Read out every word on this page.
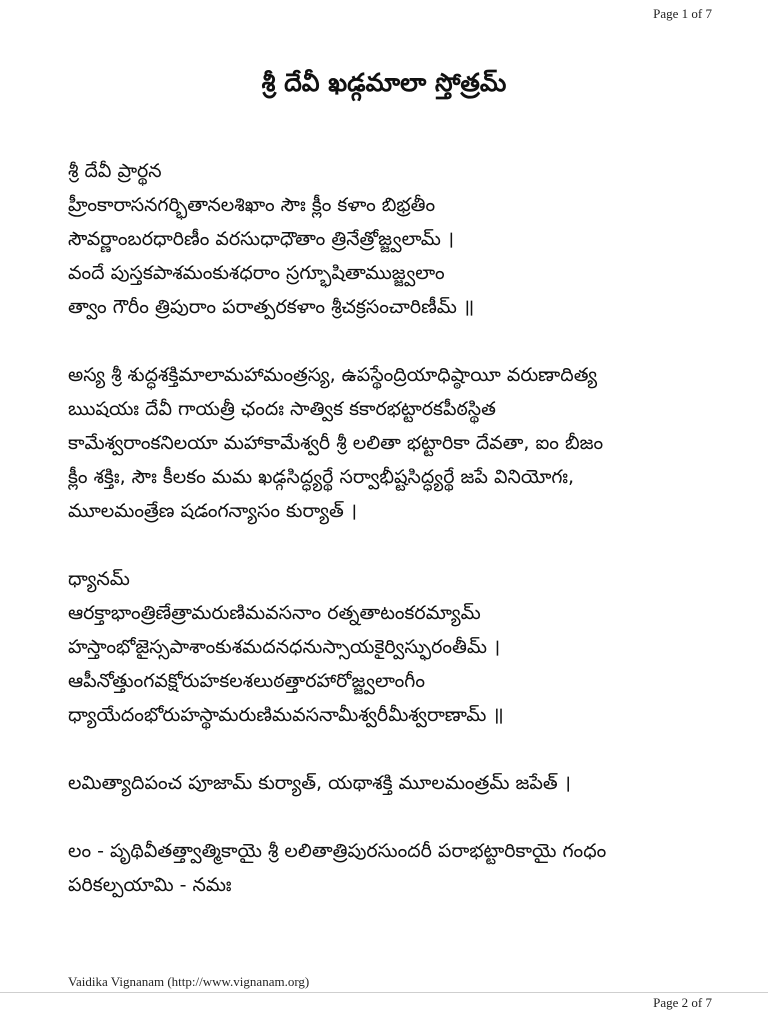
Page 1 of 7
శ్రీ దేవీ ఖడ్గమాలా స్తోత్రమ్
శ్రీ దేవీ ప్రార్థన
హ్రీంకారాసనగర్భితానలశిఖాం సౌః క్లీం కళాం బిభ్రతీం
సౌవర్ణాంబరధారిణీం వరసుధాధౌతాం త్రినేత్రోజ్జ్వలామ్ ।
వందే పుస్తకపాశమంకుశధరాం స్రగ్భూషితాముజ్జ్వలాం
త్వాం గౌరీం త్రిపురాం పరాత్పరకళాం శ్రీచక్రసంచారిణీమ్ ॥
అస్య శ్రీ శుద్ధశక్తిమాలామహామంత్రస్య, ఉపస్థేంద్రియాధిష్ఠాయీ వరుణాదిత్య
ఋషయః దేవీ గాయత్రీ ఛందః సాత్విక కకారభట్టారకపీఠస్థిత
కామేశ్వరాంకనిలయా మహాకామేశ్వరీ శ్రీ లలితా భట్టారికా దేవతా, ఐం బీజం
క్లీం శక్తిః, సౌః కీలకం మమ ఖడ్గసిద్ధ్యర్థే సర్వాభీష్టసిద్ధ్యర్థే జపే వినియోగః,
మూలమంత్రేణ షడంగన్యాసం కుర్యాత్ ।
ధ్యానమ్
ఆరక్తాభాంత్రిణేత్రామరుణిమవసనాం రత్నతాటంకరమ్యామ్
హస్తాంభోజైస్సపాశాంకుశమదనధనుస్సాయకైర్విస్ఫురంతీమ్ ।
ఆపీనోత్తుంగవక్షోరుహకలశలుఠత్తారహారోజ్జ్వలాంగీం
ధ్యాయేదంభోరుహస్థామరుణిమవసనామీశ్వరీమీశ్వరాణామ్ ॥
లమిత్యాదిపంచ పూజామ్ కుర్యాత్, యథాశక్తి మూలమంత్రమ్ జపేత్ ।
లం - పృథివీతత్త్వాత్మికాయై శ్రీ లలితాత్రిపురసుందరీ పరాభట్టారికాయై గంధం
పరికల్పయామి - నమః
Vaidika Vignanam (http://www.vignanam.org)
Page 2 of 7
